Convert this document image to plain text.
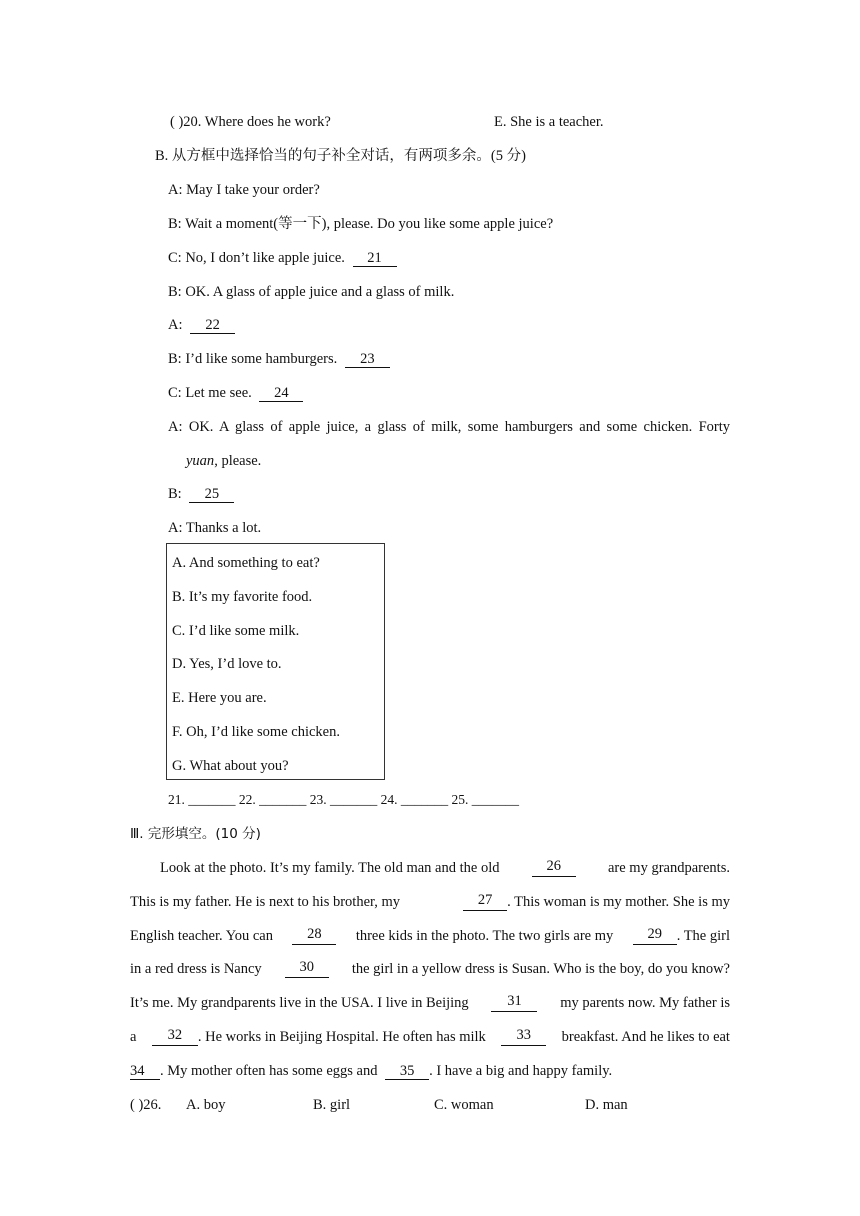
( )20. Where does he work?	E. She is a teacher.
B. 从方框中选择恰当的句子补全对话，有两项多余。(5 分)
A: May I take your order?
B: Wait a moment(等一下), please. Do you like some apple juice?
C: No, I don’t like apple juice. 21
B: OK. A glass of apple juice and a glass of milk.
A: 22
B: I’d like some hamburgers. 23
C: Let me see. 24
A: OK. A glass of apple juice, a glass of milk, some hamburgers and some chicken. Forty
yuan, please.
B: 25
A: Thanks a lot.
A. And something to eat?
B. It’s my favorite food.
C. I’d like some milk.
D. Yes, I’d love to.
E. Here you are.
F. Oh, I’d like some chicken.
G. What about you?
21. _______ 22. _______ 23. _______ 24. _______ 25. _______
Ⅲ. 完形填空。(10 分)
Look at the photo. It’s my family. The old man and the old	26	are my grandparents.
This is my father. He is next to his brother, my	27	. This woman is my mother. She is my
English teacher. You can	28	three kids in the photo. The two girls are my	29	. The girl
in a red dress is Nancy	30	the girl in a yellow dress is Susan. Who is the boy, do you know?
It’s me. My grandparents live in the USA. I live in Beijing	31	my parents now. My father is
a	32	. He works in Beijing Hospital. He often has milk	33	breakfast. And he likes to eat
34 . My mother often has some eggs and 35 . I have a big and happy family.
( )26. A. boy	B. girl	C. woman	D. man
